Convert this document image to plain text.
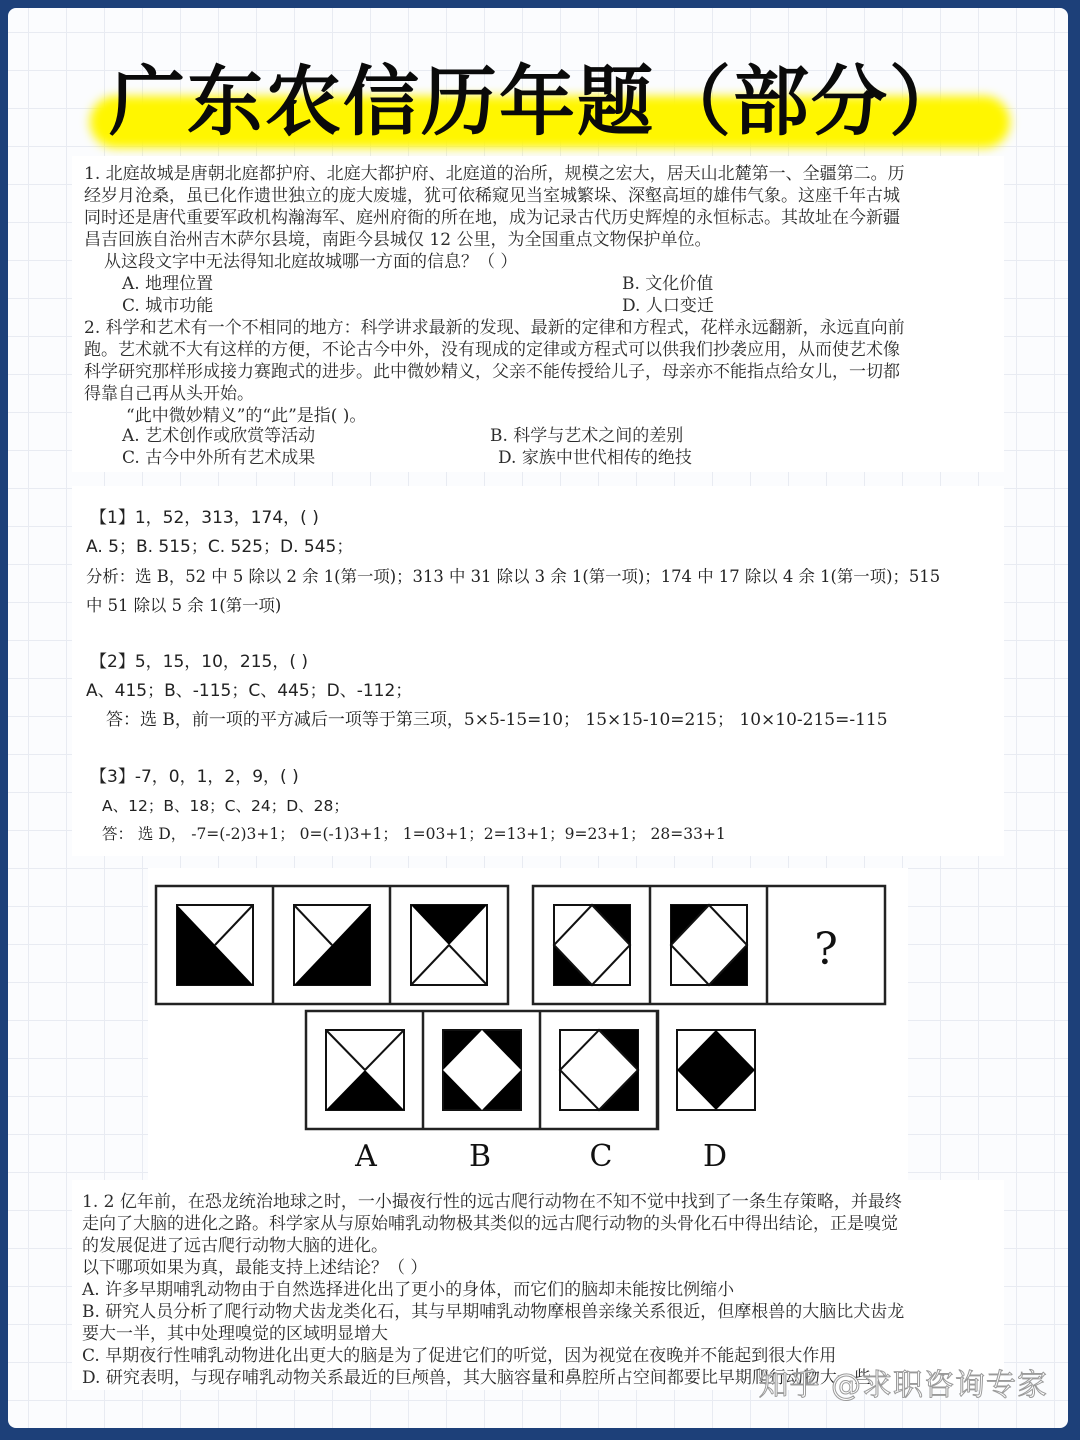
广东农信历年题（部分）
1. 北庭故城是唐朝北庭都护府、北庭大都护府、北庭道的治所，规模之宏大，居天山北麓第一、全疆第二。历
经岁月沧桑，虽已化作遗世独立的庞大废墟，犹可依稀窥见当室城繁垛、深壑高垣的雄伟气象。这座千年古城
同时还是唐代重要军政机构瀚海军、庭州府衙的所在地，成为记录古代历史辉煌的永恒标志。其故址在今新疆
昌吉回族自治州吉木萨尔县境，南距今县城仅 12 公里，为全国重点文物保护单位。
从这段文字中无法得知北庭故城哪一方面的信息？（ ）
A. 地理位置	B. 文化价值
C. 城市功能	D. 人口变迁
2. 科学和艺术有一个不相同的地方：科学讲求最新的发现、最新的定律和方程式，花样永远翻新，永远直向前
跑。艺术就不大有这样的方便，不论古今中外，没有现成的定律或方程式可以供我们抄袭应用，从而使艺术像
科学研究那样形成接力赛跑式的进步。此中微妙精义，父亲不能传授给儿子，母亲亦不能指点给女儿，一切都
得靠自己再从头开始。
“此中微妙精义”的“此”是指( )。
A. 艺术创作或欣赏等活动	B. 科学与艺术之间的差别
C. 古今中外所有艺术成果	D. 家族中世代相传的绝技
【1】1，52，313，174，( )
A. 5；B. 515；C. 525；D. 545；
分析：选 B，52 中 5 除以 2 余 1(第一项)；313 中 31 除以 3 余 1(第一项)；174 中 17 除以 4 余 1(第一项)；515
中 51 除以 5 余 1(第一项)
【2】5，15，10，215，( )
A、415；B、-115；C、445；D、-112；
答：选 B，前一项的平方减后一项等于第三项，5×5-15=10； 15×15-10=215； 10×10-215=-115
【3】-7，0，1，2，9，( )
A、12；B、18；C、24；D、28；
答： 选 D， -7=(-2)3+1； 0=(-1)3+1； 1=03+1；2=13+1；9=23+1； 28=33+1
?
A	B	C	D
1. 2 亿年前，在恐龙统治地球之时，一小撮夜行性的远古爬行动物在不知不觉中找到了一条生存策略，并最终
走向了大脑的进化之路。科学家从与原始哺乳动物极其类似的远古爬行动物的头骨化石中得出结论，正是嗅觉
的发展促进了远古爬行动物大脑的进化。
以下哪项如果为真，最能支持上述结论？（ ）
A. 许多早期哺乳动物由于自然选择进化出了更小的身体，而它们的脑却未能按比例缩小
B. 研究人员分析了爬行动物犬齿龙类化石，其与早期哺乳动物摩根兽亲缘关系很近，但摩根兽的大脑比犬齿龙
要大一半，其中处理嗅觉的区域明显增大
C. 早期夜行性哺乳动物进化出更大的脑是为了促进它们的听觉，因为视觉在夜晚并不能起到很大作用
D. 研究表明，与现存哺乳动物关系最近的巨颅兽，其大脑容量和鼻腔所占空间都要比早期爬行动物大一些
知乎 @求职咨询专家
